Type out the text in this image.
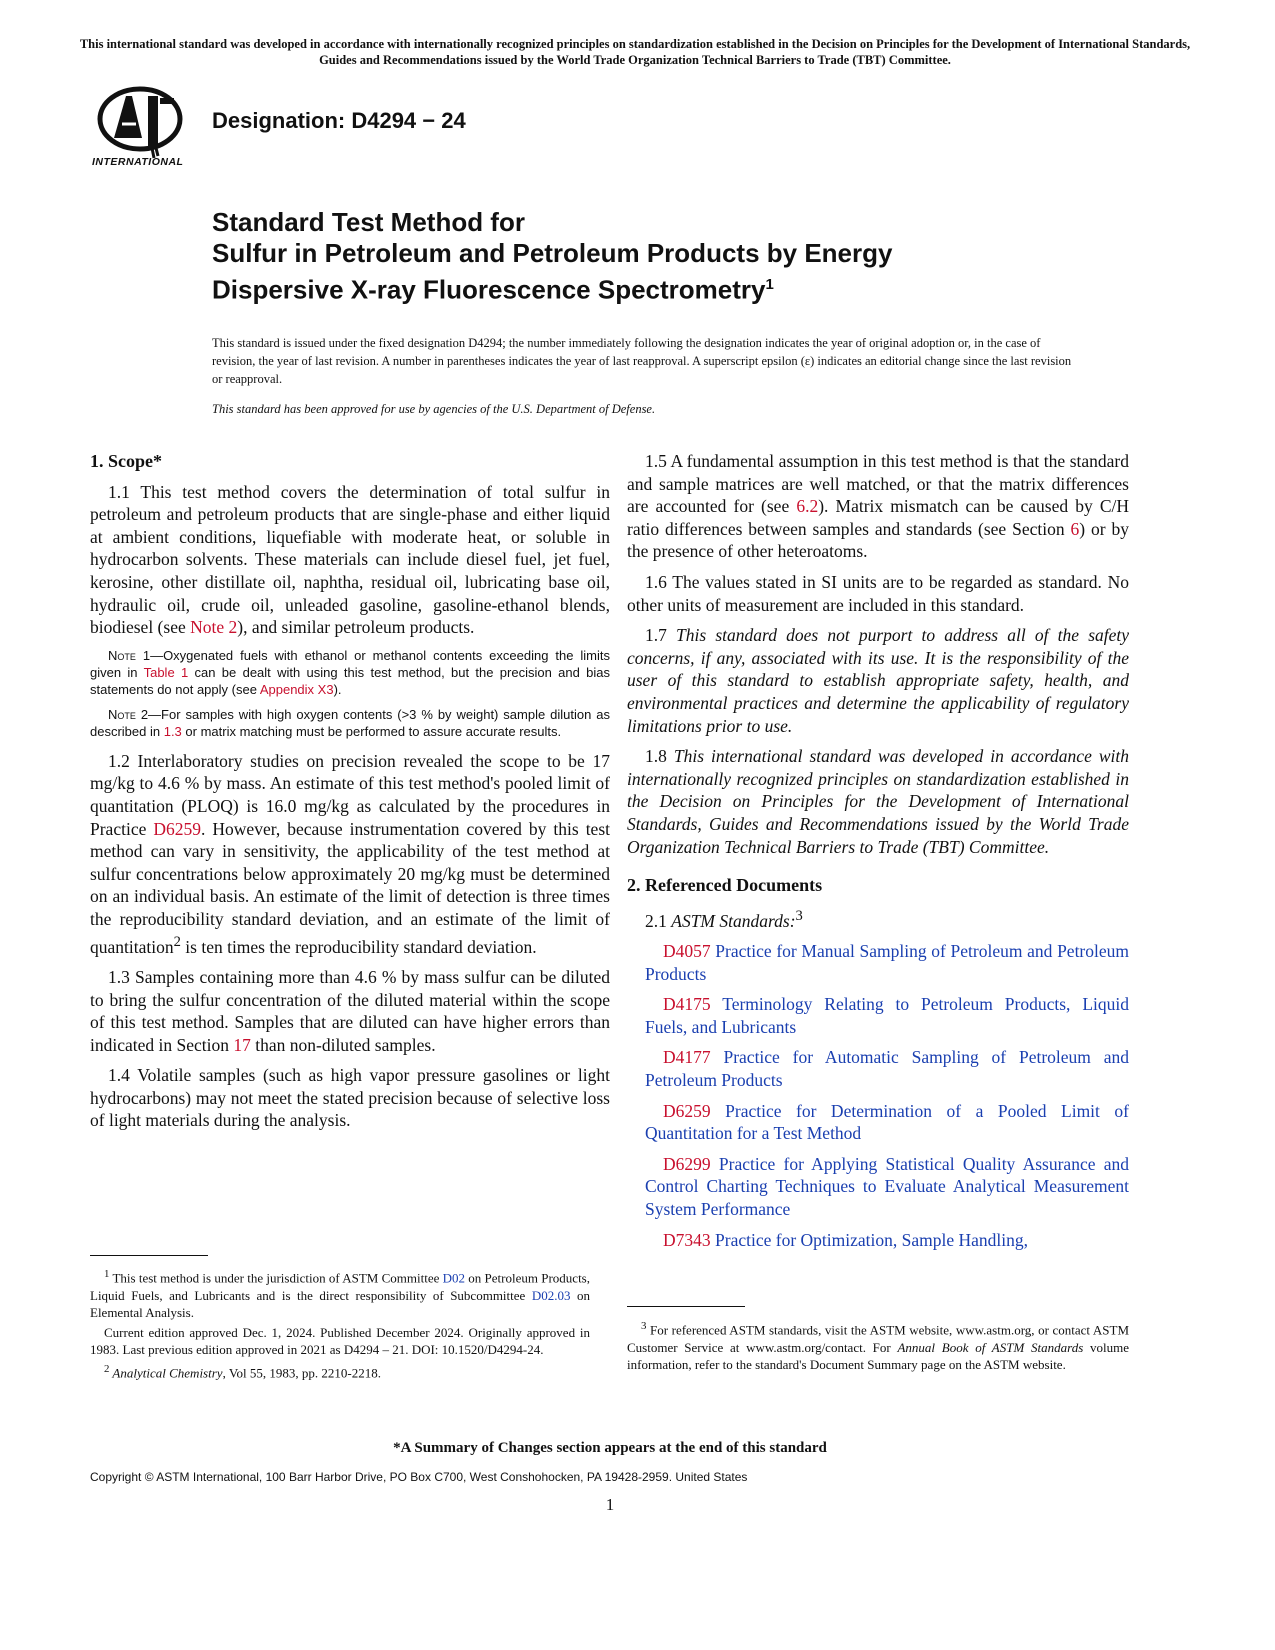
This international standard was developed in accordance with internationally recognized principles on standardization established in the Decision on Principles for the Development of International Standards, Guides and Recommendations issued by the World Trade Organization Technical Barriers to Trade (TBT) Committee.
INTERNATIONAL
Designation: D4294 − 24
Standard Test Method for
Sulfur in Petroleum and Petroleum Products by Energy
Dispersive X-ray Fluorescence Spectrometry$^1$
This standard is issued under the fixed designation D4294; the number immediately following the designation indicates the year of original adoption or, in the case of revision, the year of last revision. A number in parentheses indicates the year of last reapproval. A superscript epsilon (ε) indicates an editorial change since the last revision or reapproval.
This standard has been approved for use by agencies of the U.S. Department of Defense.
1. Scope*

1.1 This test method covers the determination of total sulfur in petroleum and petroleum products that are single-phase and either liquid at ambient conditions, liquefiable with moderate heat, or soluble in hydrocarbon solvents. These materials can include diesel fuel, jet fuel, kerosine, other distillate oil, naphtha, residual oil, lubricating base oil, hydraulic oil, crude oil, unleaded gasoline, gasoline-ethanol blends, biodiesel (see Note 2), and similar petroleum products.

Note 1—Oxygenated fuels with ethanol or methanol contents exceeding the limits given in Table 1 can be dealt with using this test method, but the precision and bias statements do not apply (see Appendix X3).

Note 2—For samples with high oxygen contents (>3 % by weight) sample dilution as described in 1.3 or matrix matching must be performed to assure accurate results.

1.2 Interlaboratory studies on precision revealed the scope to be 17 mg/kg to 4.6 % by mass. An estimate of this test method's pooled limit of quantitation (PLOQ) is 16.0 mg/kg as calculated by the procedures in Practice D6259. However, because instrumentation covered by this test method can vary in sensitivity, the applicability of the test method at sulfur concentrations below approximately 20 mg/kg must be determined on an individual basis. An estimate of the limit of detection is three times the reproducibility standard deviation, and an estimate of the limit of quantitation$^2$ is ten times the reproducibility standard deviation.

1.3 Samples containing more than 4.6 % by mass sulfur can be diluted to bring the sulfur concentration of the diluted material within the scope of this test method. Samples that are diluted can have higher errors than indicated in Section 17 than non-diluted samples.

1.4 Volatile samples (such as high vapor pressure gasolines or light hydrocarbons) may not meet the stated precision because of selective loss of light materials during the analysis.

$^1$ This test method is under the jurisdiction of ASTM Committee D02 on Petroleum Products, Liquid Fuels, and Lubricants and is the direct responsibility of Subcommittee D02.03 on Elemental Analysis.

Current edition approved Dec. 1, 2024. Published December 2024. Originally approved in 1983. Last previous edition approved in 2021 as D4294 – 21. DOI: 10.1520/D4294-24.

$^2$ Analytical Chemistry, Vol 55, 1983, pp. 2210-2218.

1.5 A fundamental assumption in this test method is that the standard and sample matrices are well matched, or that the matrix differences are accounted for (see 6.2). Matrix mismatch can be caused by C/H ratio differences between samples and standards (see Section 6) or by the presence of other heteroatoms.

1.6 The values stated in SI units are to be regarded as standard. No other units of measurement are included in this standard.

1.7 This standard does not purport to address all of the safety concerns, if any, associated with its use. It is the responsibility of the user of this standard to establish appropriate safety, health, and environmental practices and determine the applicability of regulatory limitations prior to use.

1.8 This international standard was developed in accordance with internationally recognized principles on standardization established in the Decision on Principles for the Development of International Standards, Guides and Recommendations issued by the World Trade Organization Technical Barriers to Trade (TBT) Committee.

2. Referenced Documents

2.1 ASTM Standards:$^3$

D4057 Practice for Manual Sampling of Petroleum and Petroleum Products

D4175 Terminology Relating to Petroleum Products, Liquid Fuels, and Lubricants

D4177 Practice for Automatic Sampling of Petroleum and Petroleum Products

D6259 Practice for Determination of a Pooled Limit of Quantitation for a Test Method

D6299 Practice for Applying Statistical Quality Assurance and Control Charting Techniques to Evaluate Analytical Measurement System Performance

D7343 Practice for Optimization, Sample Handling,

$^3$ For referenced ASTM standards, visit the ASTM website, www.astm.org, or contact ASTM Customer Service at www.astm.org/contact. For Annual Book of ASTM Standards volume information, refer to the standard's Document Summary page on the ASTM website.

*A Summary of Changes section appears at the end of this standard
Copyright © ASTM International, 100 Barr Harbor Drive, PO Box C700, West Conshohocken, PA 19428-2959. United States
1
